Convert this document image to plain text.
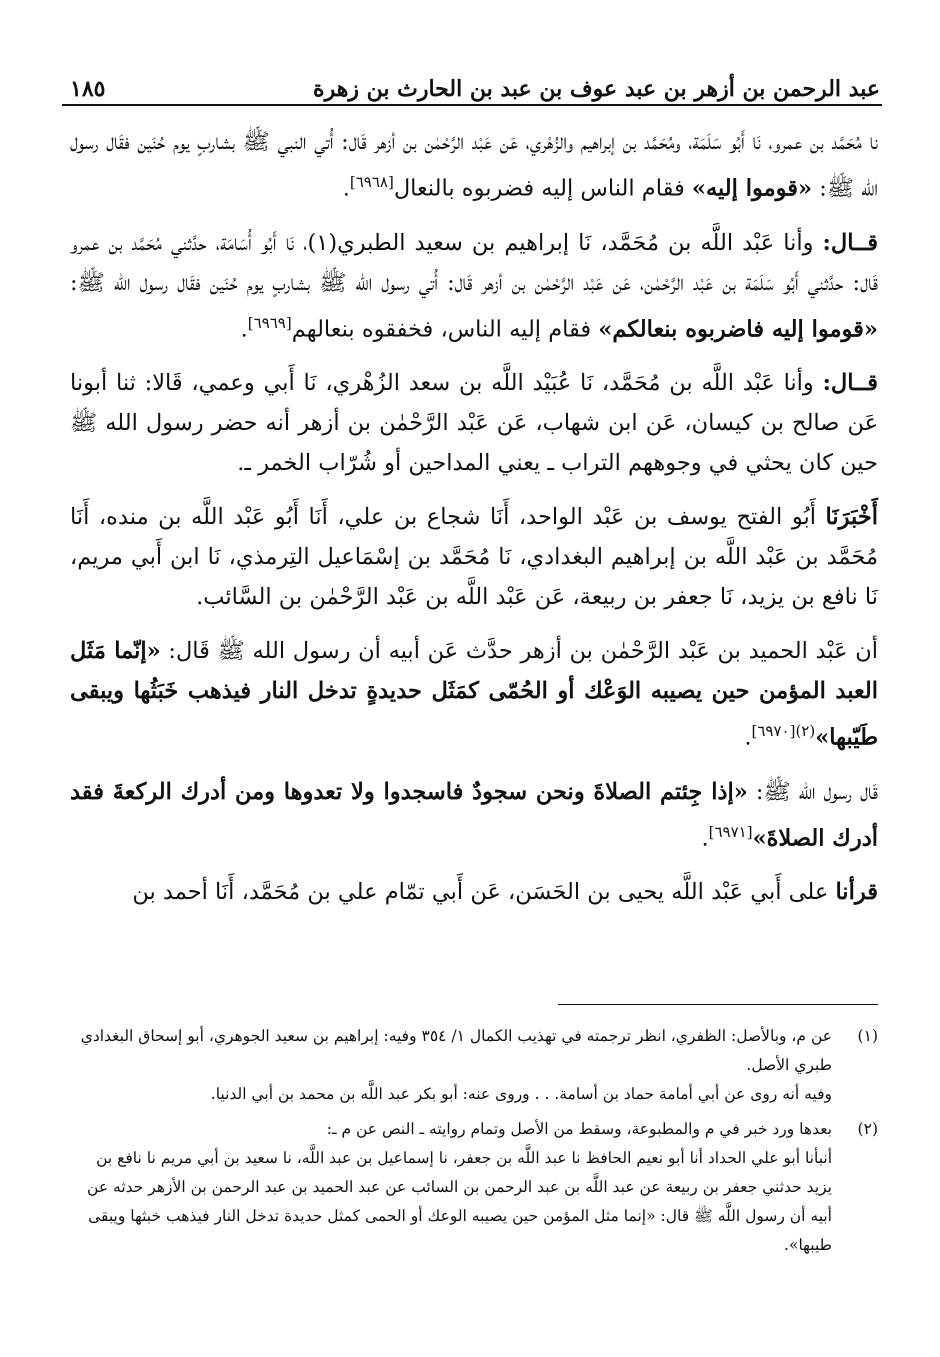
عبد الرحمن بن أزهر بن عبد عوف بن عبد بن الحارث بن زهرة
١٨٥

نا مُحَمَّد بن عمرو، نَا أَبُو سَلَمَة، ومُحَمَّد بن إبراهيم والزُهْري، عَن عَبْد الرَّحْمٰن بن أزهر قَال: أُتي النبي ﷺ بشاربٍ يوم حُنَين فقَال رسول الله ﷺ: «قوموا إليه» فقام الناس إليه فضربوه بالنعال[٦٩٦٨].

قــال: وأنا عَبْد اللَّه بن مُحَمَّد، نَا إبراهيم بن سعيد الطبري(١)، نَا أَبُو أُسَامَة، حدَّثني مُحَمَّد بن عمرو قَال: حدَّثني أَبُو سَلَمَة بن عَبْد الرَّحْمٰن، عَن عَبْد الرَّحْمٰن بن أزهر قَال: أُتي رسول الله ﷺ بشاربٍ يوم حُنَين فقَال رسول الله ﷺ: «قوموا إليه فاضربوه بنعالكم» فقام إليه الناس، فخفقوه بنعالهم[٦٩٦٩].

قــال: وأنا عَبْد اللَّه بن مُحَمَّد، نَا عُبَيْد اللَّه بن سعد الزُهْري، نَا أَبي وعمي، قَالا: ثنا أبونا عَن صالح بن كيسان، عَن ابن شهاب، عَن عَبْد الرَّحْمٰن بن أزهر أنه حضر رسول الله ﷺ حين كان يحثي في وجوههم التراب ـ يعني المداحين أو شُرّاب الخمر ـ.

أَخْبَرَنَا أَبُو الفتح يوسف بن عَبْد الواحد، أَنَا شجاع بن علي، أَنَا أَبُو عَبْد اللَّه بن منده، أَنَا مُحَمَّد بن عَبْد اللَّه بن إبراهيم البغدادي، نَا مُحَمَّد بن إسْمَاعيل التِرمذي، نَا ابن أَبي مريم، نَا نافع بن يزيد، نَا جعفر بن ربيعة، عَن عَبْد اللَّه بن عَبْد الرَّحْمٰن بن السَّائب.

أن عَبْد الحميد بن عَبْد الرَّحْمٰن بن أزهر حدَّث عَن أبيه أن رسول الله ﷺ قَال: «إنّما مَثَل العبد المؤمن حين يصيبه الوَعْك أو الحُمّى كمَثَل حديدةٍ تدخل النار فيذهب خَبَثُها ويبقى طَيّبها»$^{(٢)[٦٩٧٠]}$.

قَال رسول الله ﷺ: «إذا جِئتم الصلاةَ ونحن سجودٌ فاسجدوا ولا تعدوها ومن أدرك الركعةَ فقد أدرك الصلاةَ»[٦٩٧١].

قرأنا على أَبي عَبْد اللَّه يحيى بن الحَسَن، عَن أَبي تمّام علي بن مُحَمَّد، أَنَا أحمد بن

(١)

عن م، وبالأصل: الظفري، انظر ترجمته في تهذيب الكمال ١/ ٣٥٤ وفيه: إبراهيم بن سعيد الجوهري، أبو إسحاق البغدادي طبري الأصل.

وفيه أنه روى عن أبي أمامة حماد بن أسامة. . . وروى عنه: أبو بكر عبد اللَّه بن محمد بن أبي الدنيا.

(٢)

بعدها ورد خبر في م والمطبوعة، وسقط من الأصل وتمام روايته ـ النص عن م ـ:

أنبأنا أبو علي الحداد أنا أبو نعيم الحافظ نا عبد اللَّه بن جعفر، نا إسماعيل بن عبد اللَّه، نا سعيد بن أبي مريم نا نافع بن يزيد حدثني جعفر بن ربيعة عن عبد اللَّه بن عبد الرحمن بن السائب عن عبد الحميد بن عبد الرحمن بن الأزهر حدثه عن أبيه أن رسول اللَّه ﷺ قال: «إنما مثل المؤمن حين يصيبه الوعك أو الحمى كمثل حديدة تدخل النار فيذهب خبثها ويبقى طيبها».
